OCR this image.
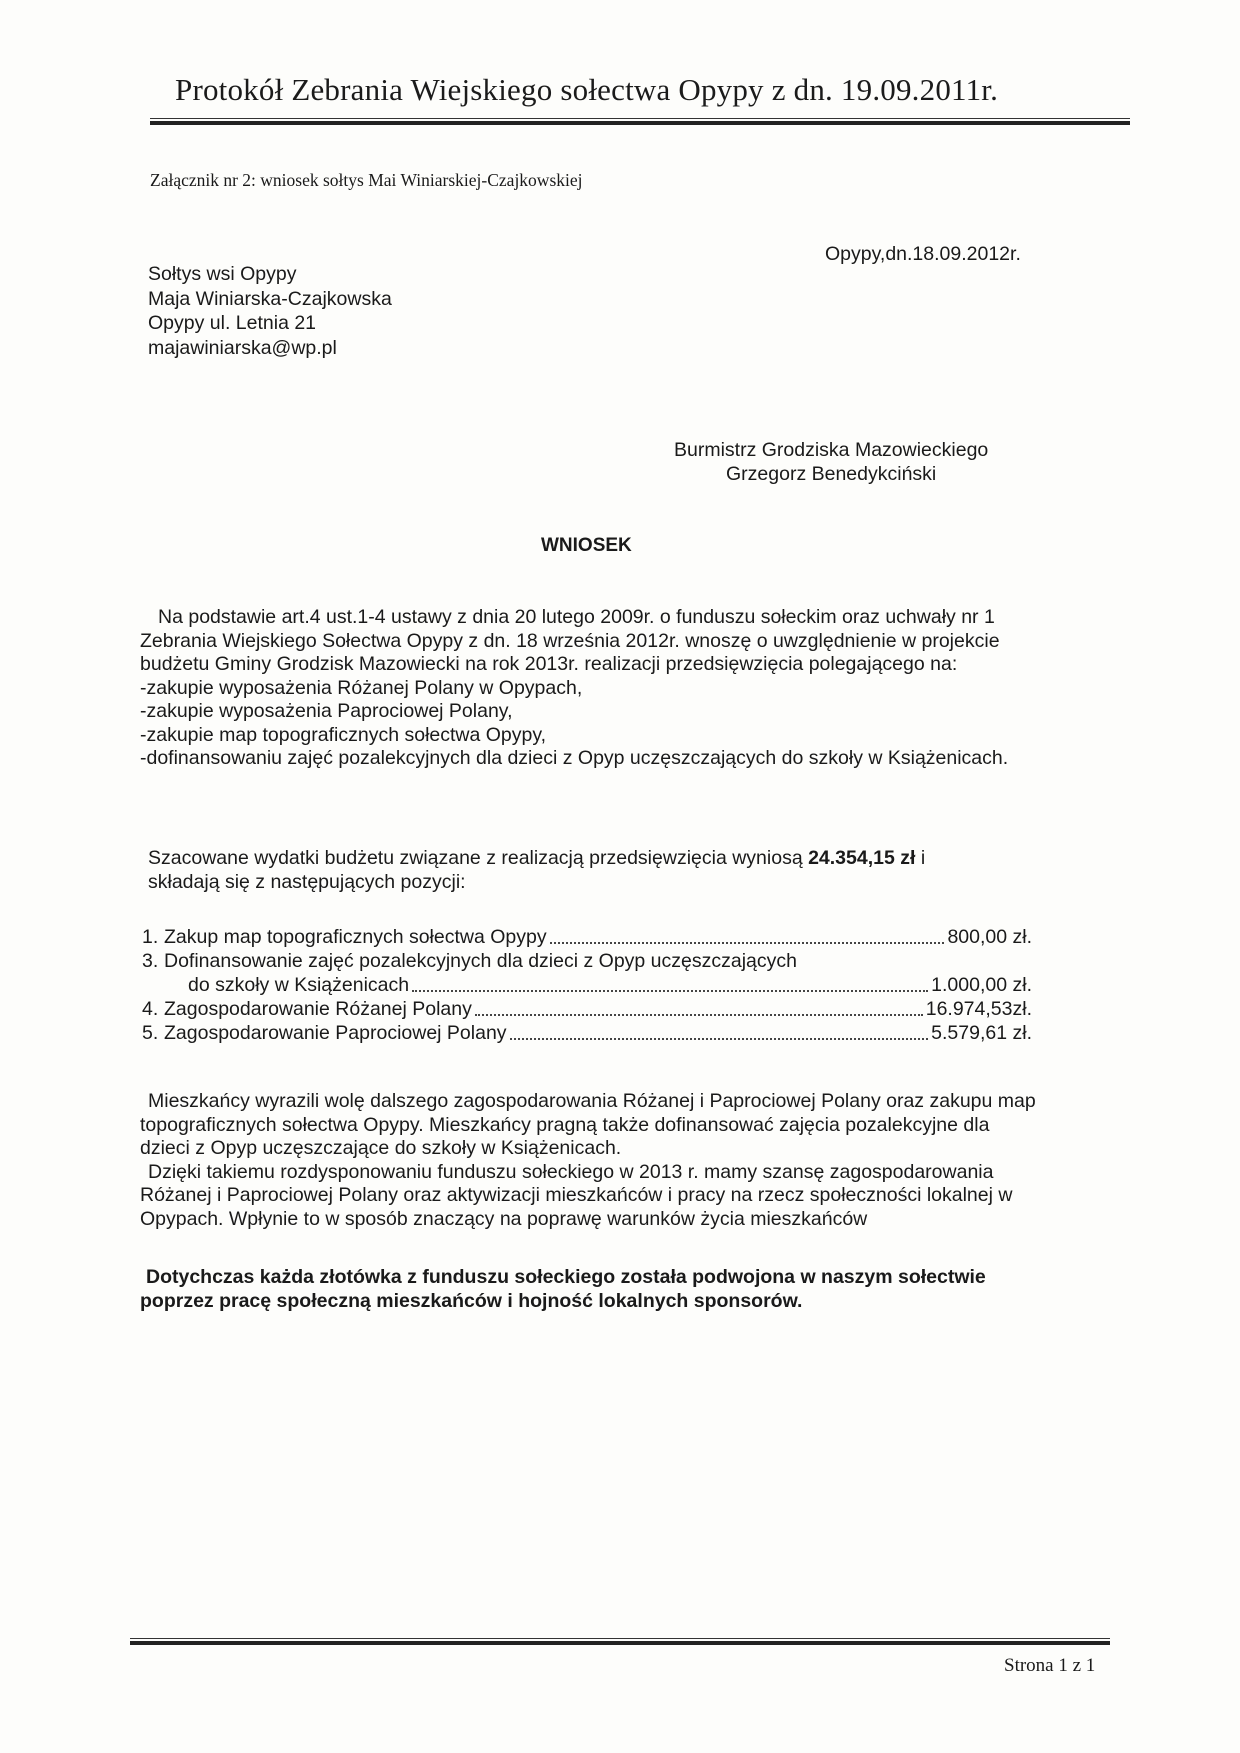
Protokół Zebrania Wiejskiego sołectwa Opypy z dn. 19.09.2011r.
Załącznik nr 2: wniosek sołtys Mai Winiarskiej-Czajkowskiej
Sołtys wsi Opypy
Maja Winiarska-Czajkowska
Opypy ul. Letnia 21
majawiniarska@wp.pl
Opypy,dn.18.09.2012r.
Burmistrz Grodziska Mazowieckiego
Grzegorz Benedykciński
WNIOSEK
Na podstawie art.4 ust.1-4 ustawy z dnia 20 lutego 2009r. o funduszu sołeckim oraz uchwały nr 1
Zebrania Wiejskiego Sołectwa Opypy z dn. 18 września 2012r. wnoszę o uwzględnienie w projekcie
budżetu Gminy Grodzisk Mazowiecki na rok 2013r. realizacji przedsięwzięcia polegającego na:
-zakupie wyposażenia Różanej Polany w Opypach,
-zakupie wyposażenia Paprociowej Polany,
-zakupie map topograficznych sołectwa Opypy,
-dofinansowaniu zajęć pozalekcyjnych dla dzieci z Opyp uczęszczających do szkoły w Książenicach.
Szacowane wydatki budżetu związane z realizacją przedsięwzięcia wyniosą 24.354,15 zł i
składają się z następujących pozycji:
1. Zakup map topograficznych sołectwa Opypy	800,00 zł.
3. Dofinansowanie zajęć pozalekcyjnych dla dzieci z Opyp uczęszczających
do szkoły w Książenicach	1.000,00 zł.
4. Zagospodarowanie Różanej Polany	16.974,53zł.
5. Zagospodarowanie Paprociowej Polany	5.579,61 zł.
Mieszkańcy wyrazili wolę dalszego zagospodarowania Różanej i Paprociowej Polany oraz zakupu map
topograficznych sołectwa Opypy. Mieszkańcy pragną także dofinansować zajęcia pozalekcyjne dla
dzieci z Opyp uczęszczające do szkoły w Książenicach.
Dzięki takiemu rozdysponowaniu funduszu sołeckiego w 2013 r. mamy szansę zagospodarowania
Różanej i Paprociowej Polany oraz aktywizacji mieszkańców i pracy na rzecz społeczności lokalnej w
Opypach. Wpłynie to w sposób znaczący na poprawę warunków życia mieszkańców
Dotychczas każda złotówka z funduszu sołeckiego została podwojona w naszym sołectwie
poprzez pracę społeczną mieszkańców i hojność lokalnych sponsorów.
Strona 1 z 1
